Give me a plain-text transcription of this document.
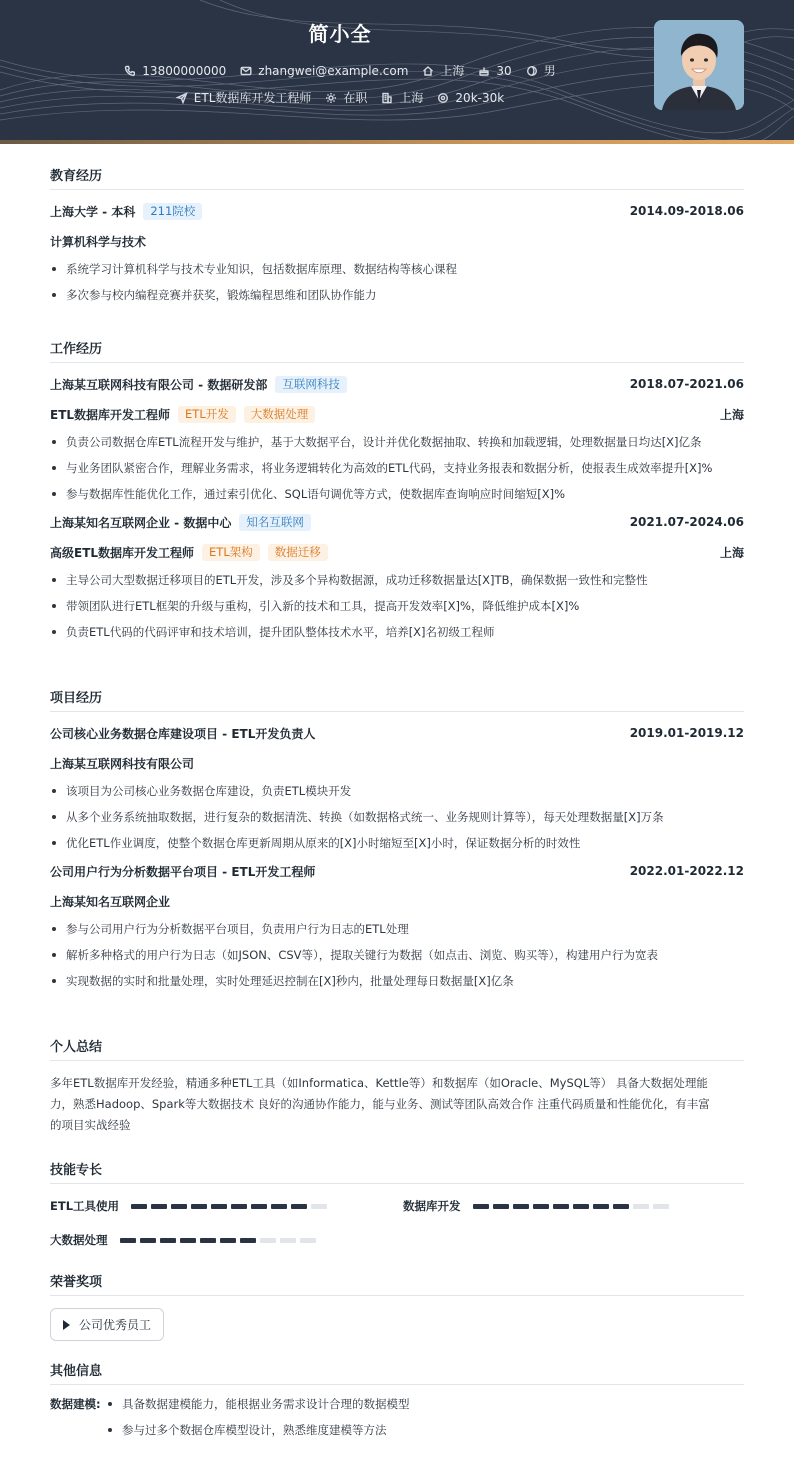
简小全
13800000000	zhangwei@example.com	上海	30	男
ETL数据库开发工程师	在职	上海	20k-30k
教育经历
上海大学 - 本科	211院校	2014.09-2018.06
计算机科学与技术
系统学习计算机科学与技术专业知识，包括数据库原理、数据结构等核心课程
多次参与校内编程竞赛并获奖，锻炼编程思维和团队协作能力
工作经历
上海某互联网科技有限公司 - 数据研发部	互联网科技	2018.07-2021.06
ETL数据库开发工程师	ETL开发	大数据处理	上海
负责公司数据仓库ETL流程开发与维护，基于大数据平台，设计并优化数据抽取、转换和加载逻辑，处理数据量日均达[X]亿条
与业务团队紧密合作，理解业务需求，将业务逻辑转化为高效的ETL代码，支持业务报表和数据分析，使报表生成效率提升[X]%
参与数据库性能优化工作，通过索引优化、SQL语句调优等方式，使数据库查询响应时间缩短[X]%
上海某知名互联网企业 - 数据中心	知名互联网	2021.07-2024.06
高级ETL数据库开发工程师	ETL架构	数据迁移	上海
主导公司大型数据迁移项目的ETL开发，涉及多个异构数据源，成功迁移数据量达[X]TB，确保数据一致性和完整性
带领团队进行ETL框架的升级与重构，引入新的技术和工具，提高开发效率[X]%，降低维护成本[X]%
负责ETL代码的代码评审和技术培训，提升团队整体技术水平，培养[X]名初级工程师
项目经历
公司核心业务数据仓库建设项目 - ETL开发负责人	2019.01-2019.12
上海某互联网科技有限公司
该项目为公司核心业务数据仓库建设，负责ETL模块开发
从多个业务系统抽取数据，进行复杂的数据清洗、转换（如数据格式统一、业务规则计算等），每天处理数据量[X]万条
优化ETL作业调度，使整个数据仓库更新周期从原来的[X]小时缩短至[X]小时，保证数据分析的时效性
公司用户行为分析数据平台项目 - ETL开发工程师	2022.01-2022.12
上海某知名互联网企业
参与公司用户行为分析数据平台项目，负责用户行为日志的ETL处理
解析多种格式的用户行为日志（如JSON、CSV等），提取关键行为数据（如点击、浏览、购买等），构建用户行为宽表
实现数据的实时和批量处理，实时处理延迟控制在[X]秒内，批量处理每日数据量[X]亿条
个人总结
多年ETL数据库开发经验，精通多种ETL工具（如Informatica、Kettle等）和数据库（如Oracle、MySQL等） 具备大数据处理能
力，熟悉Hadoop、Spark等大数据技术 良好的沟通协作能力，能与业务、测试等团队高效合作 注重代码质量和性能优化，有丰富
的项目实战经验
技能专长
ETL工具使用	数据库开发
大数据处理
荣誉奖项
公司优秀员工
其他信息
数据建模:	具备数据建模能力，能根据业务需求设计合理的数据模型
参与过多个数据仓库模型设计，熟悉维度建模等方法
